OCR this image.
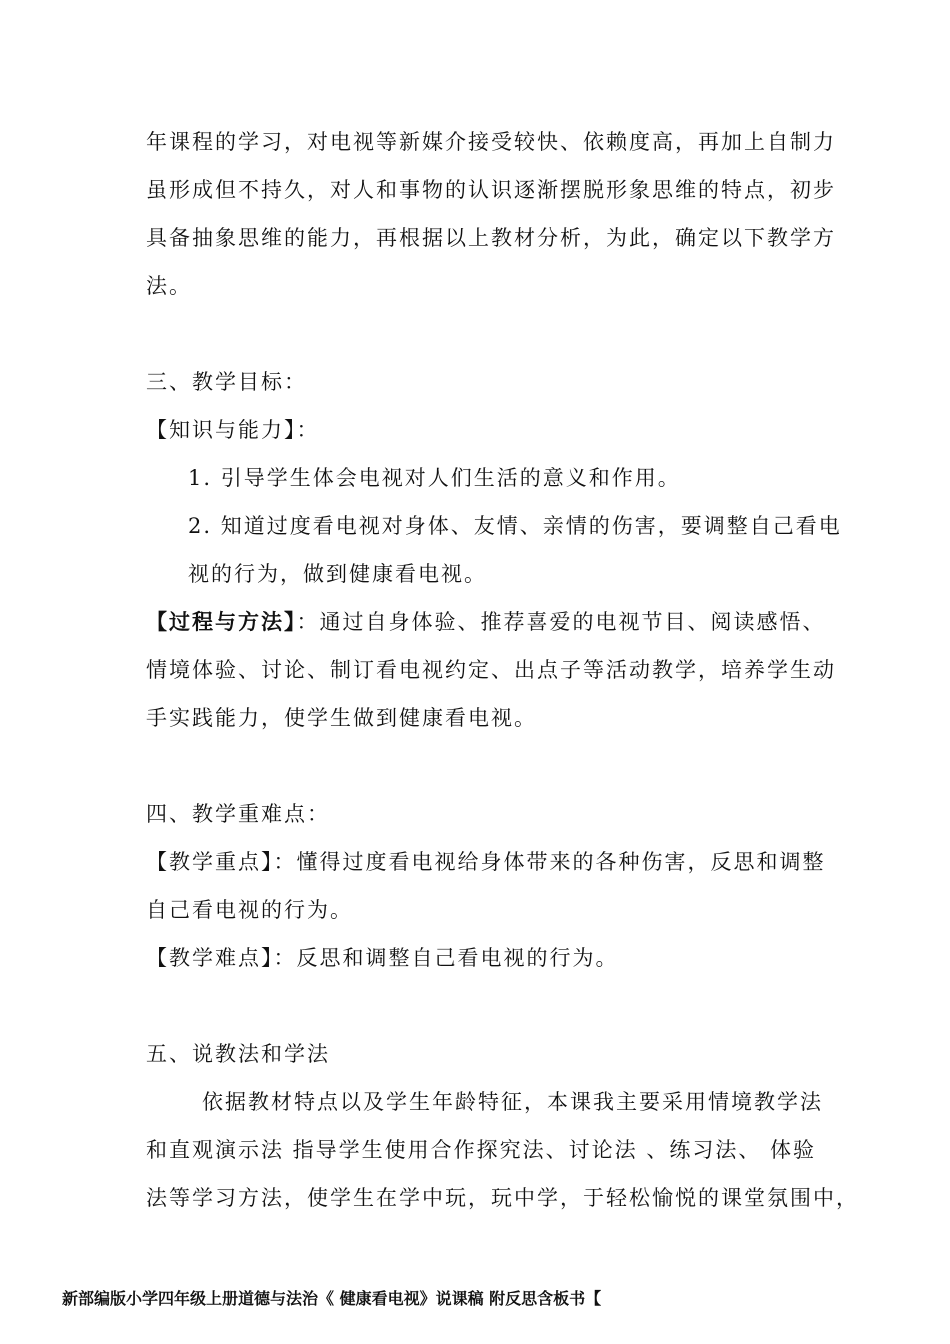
年课程的学习，对电视等新媒介接受较快、依赖度高，再加上自制力
虽形成但不持久，对人和事物的认识逐渐摆脱形象思维的特点，初步
具备抽象思维的能力，再根据以上教材分析，为此，确定以下教学方
法。
三、教学目标：
【知识与能力】：
1. 引导学生体会电视对人们生活的意义和作用。
2. 知道过度看电视对身体、友情、亲情的伤害，要调整自己看电
视的行为，做到健康看电视。
【过程与方法】：通过自身体验、推荐喜爱的电视节目、阅读感悟、
情境体验、讨论、制订看电视约定、出点子等活动教学，培养学生动
手实践能力，使学生做到健康看电视。
四、教学重难点：
【教学重点】：懂得过度看电视给身体带来的各种伤害，反思和调整
自己看电视的行为。
【教学难点】：反思和调整自己看电视的行为。
五、说教法和学法
依据教材特点以及学生年龄特征，本课我主要采用情境教学法
和直观演示法 指导学生使用合作探究法、讨论法 、练习法、 体验
法等学习方法，使学生在学中玩，玩中学，于轻松愉悦的课堂氛围中，
新部编版小学四年级上册道德与法治《 健康看电视》说课稿 附反思含板书【
